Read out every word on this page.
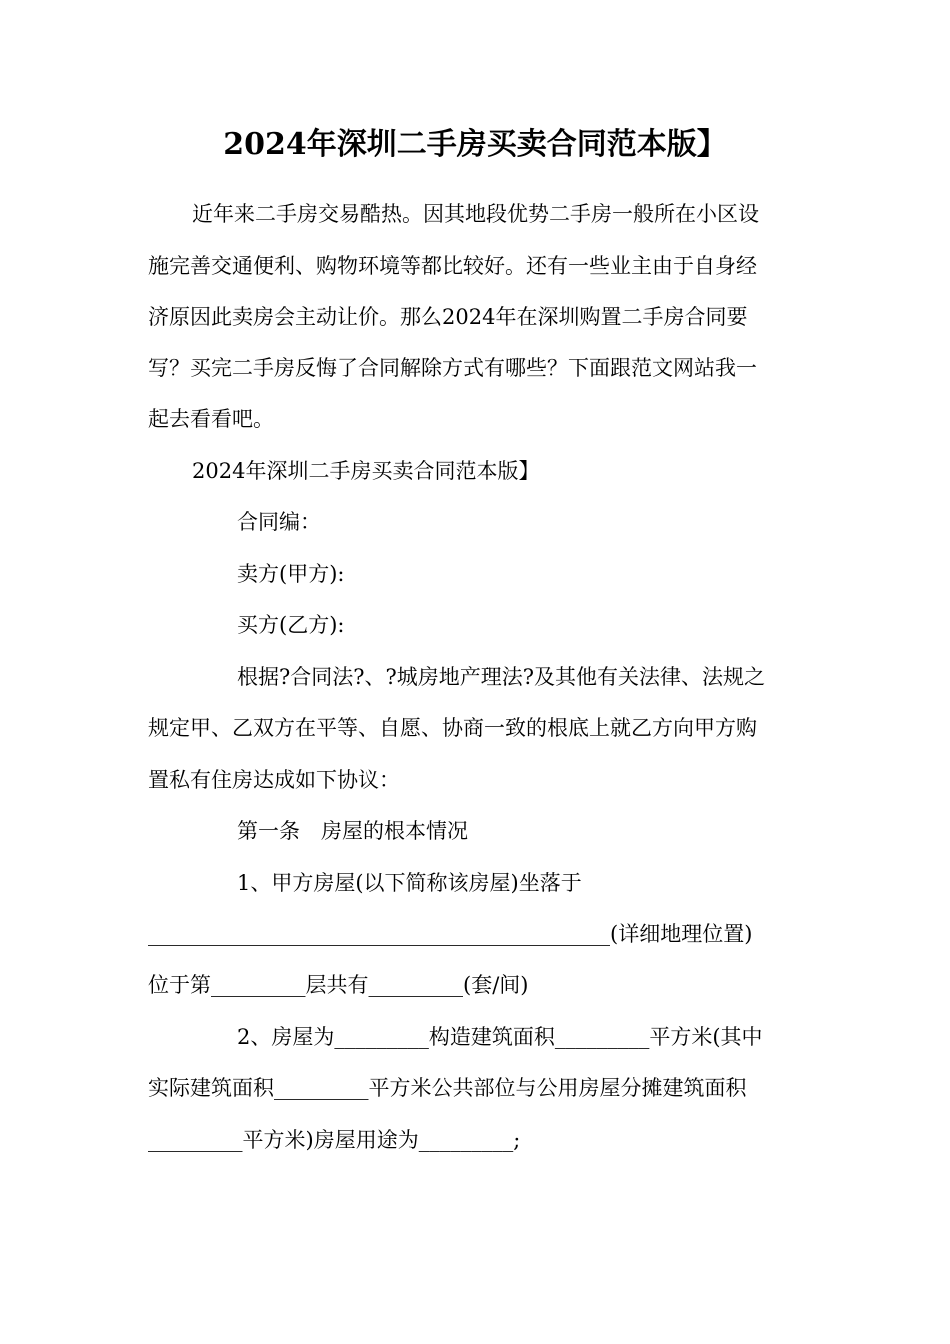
2024年深圳二手房买卖合同范本版】
近年来二手房交易酷热。因其地段优势二手房一般所在小区设
施完善交通便利、购物环境等都比较好。还有一些业主由于自身经
济原因此卖房会主动让价。那么2024年在深圳购置二手房合同要
写？买完二手房反悔了合同解除方式有哪些？下面跟范文网站我一
起去看看吧。
2024年深圳二手房买卖合同范本版】
合同编：
卖方(甲方):
买方(乙方):
根据?合同法?、?城房地产理法?及其他有关法律、法规之
规定甲、乙双方在平等、自愿、协商一致的根底上就乙方向甲方购
置私有住房达成如下协议：
第一条　房屋的根本情况
1、甲方房屋(以下简称该房屋)坐落于
____________________________________________(详细地理位置)
位于第_________层共有_________(套/间)
2、房屋为_________构造建筑面积_________平方米(其中
实际建筑面积_________平方米公共部位与公用房屋分摊建筑面积
_________平方米)房屋用途为_________;
